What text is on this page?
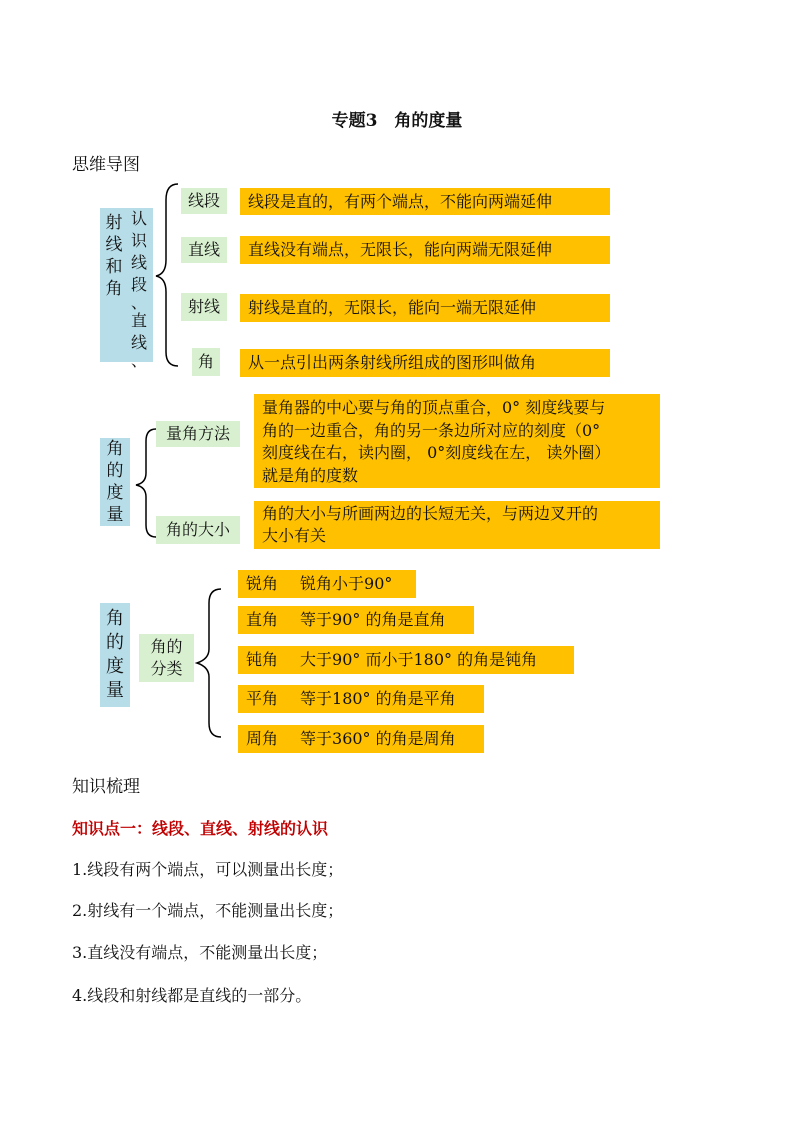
专题3　角的度量
思维导图
射
线
和
角
认
识
线
段
、
直
线
、
线段	线段是直的，有两个端点，不能向两端延伸
直线	直线没有端点，无限长，能向两端无限延伸
射线	射线是直的，无限长，能向一端无限延伸
角	从一点引出两条射线所组成的图形叫做角
角
的
度
量
量角方法
量角器的中心要与角的顶点重合，0° 刻度线要与
角的一边重合，角的另一条边所对应的刻度（0°
刻度线在右，读内圈， 0°刻度线在左， 读外圈）
就是角的度数
角的大小
角的大小与所画两边的长短无关，与两边叉开的
大小有关
角
的
度
量
角的
分类
锐角 锐角小于90°
直角 等于90° 的角是直角
钝角 大于90° 而小于180° 的角是钝角
平角 等于180° 的角是平角
周角 等于360° 的角是周角
知识梳理
知识点一：线段、直线、射线的认识
1.线段有两个端点，可以测量出长度；
2.射线有一个端点，不能测量出长度；
3.直线没有端点，不能测量出长度；
4.线段和射线都是直线的一部分。
